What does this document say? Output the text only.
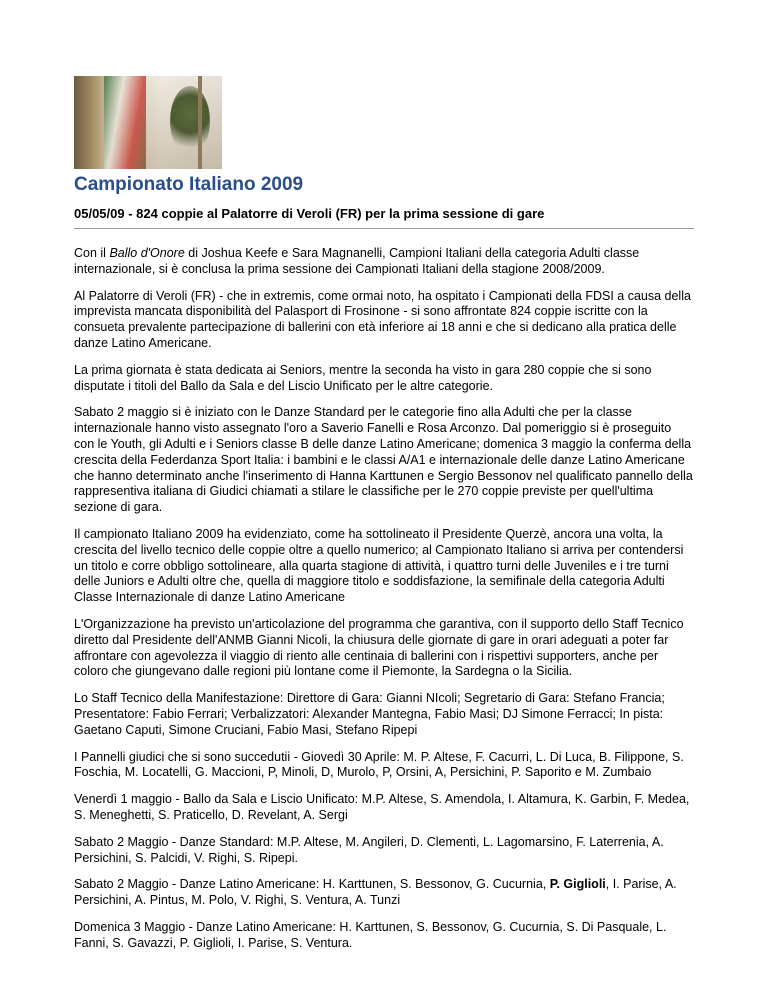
Campionato Italiano 2009
05/05/09 - 824 coppie al Palatorre di Veroli (FR) per la prima sessione di gare

Con il Ballo d'Onore di Joshua Keefe e Sara Magnanelli, Campioni Italiani della categoria Adulti classe internazionale, si è conclusa la prima sessione dei Campionati Italiani della stagione 2008/2009.

Al Palatorre di Veroli (FR) - che in extremis, come ormai noto, ha ospitato i Campionati della FDSI a causa della imprevista mancata disponibilità del Palasport di Frosinone - si sono affrontate 824 coppie iscritte con la consueta prevalente partecipazione di ballerini con età inferiore ai 18 anni e che si dedicano alla pratica delle danze Latino Americane.

La prima giornata è stata dedicata ai Seniors, mentre la seconda ha visto in gara 280 coppie che si sono disputate i titoli del Ballo da Sala e del Liscio Unificato per le altre categorie.

Sabato 2 maggio si è iniziato con le Danze Standard per le categorie fino alla Adulti che per la classe internazionale hanno visto assegnato l'oro a Saverio Fanelli e Rosa Arconzo. Dal pomeriggio si è proseguito con le Youth, gli Adulti e i Seniors classe B delle danze Latino Americane; domenica 3 maggio la conferma della crescita della Federdanza Sport Italia: i bambini e le classi A/A1 e internazionale delle danze Latino Americane che hanno determinato anche l'inserimento di Hanna Karttunen e Sergio Bessonov nel qualificato pannello della rappresentiva italiana di Giudici chiamati a stilare le classifiche per le 270 coppie previste per quell'ultima sezione di gara.

Il campionato Italiano 2009 ha evidenziato, come ha sottolineato il Presidente Querzè, ancora una volta, la crescita del livello tecnico delle coppie oltre a quello numerico; al Campionato Italiano si arriva per contendersi un titolo e corre obbligo sottolineare, alla quarta stagione di attività, i quattro turni delle Juveniles e i tre turni delle Juniors e Adulti oltre che, quella di maggiore titolo e soddisfazione, la semifinale della categoria Adulti Classe Internazionale di danze Latino Americane

L'Organizzazione ha previsto un'articolazione del programma che garantiva, con il supporto dello Staff Tecnico diretto dal Presidente dell'ANMB Gianni Nicoli, la chiusura delle giornate di gare in orari adeguati a poter far affrontare con agevolezza il viaggio di riento alle centinaia di ballerini con i rispettivi supporters, anche per coloro che giungevano dalle regioni più lontane come il Piemonte, la Sardegna o la Sicilia.

Lo Staff Tecnico della Manifestazione: Direttore di Gara: Gianni NIcoli; Segretario di Gara: Stefano Francia; Presentatore: Fabio Ferrari; Verbalizzatori: Alexander Mantegna, Fabio Masi; DJ Simone Ferracci; In pista: Gaetano Caputi, Simone Cruciani, Fabio Masi, Stefano Ripepi

I Pannelli giudici che si sono succedutii - Giovedì 30 Aprile: M. P. Altese, F. Cacurri, L. Di Luca, B. Filippone, S. Foschia, M. Locatelli, G. Maccioni, P, Minoli, D, Murolo, P, Orsini, A, Persichini, P. Saporito e M. Zumbaio

Venerdì 1 maggio - Ballo da Sala e Liscio Unificato: M.P. Altese, S. Amendola, I. Altamura, K. Garbin, F. Medea, S. Meneghetti, S. Praticello, D. Revelant, A. Sergi

Sabato 2 Maggio - Danze Standard: M.P. Altese, M. Angileri, D. Clementi, L. Lagomarsino, F. Laterrenia, A. Persichini, S. Palcidi, V. Righi, S. Ripepi.

Sabato 2 Maggio - Danze Latino Americane: H. Karttunen, S. Bessonov, G. Cucurnia, P. Giglioli, I. Parise, A. Persichini, A. Pintus, M. Polo, V. Righi, S. Ventura, A. Tunzi

Domenica 3 Maggio - Danze Latino Americane: H. Karttunen, S. Bessonov, G. Cucurnia, S. Di Pasquale, L. Fanni, S. Gavazzi, P. Giglioli, I. Parise, S. Ventura.
